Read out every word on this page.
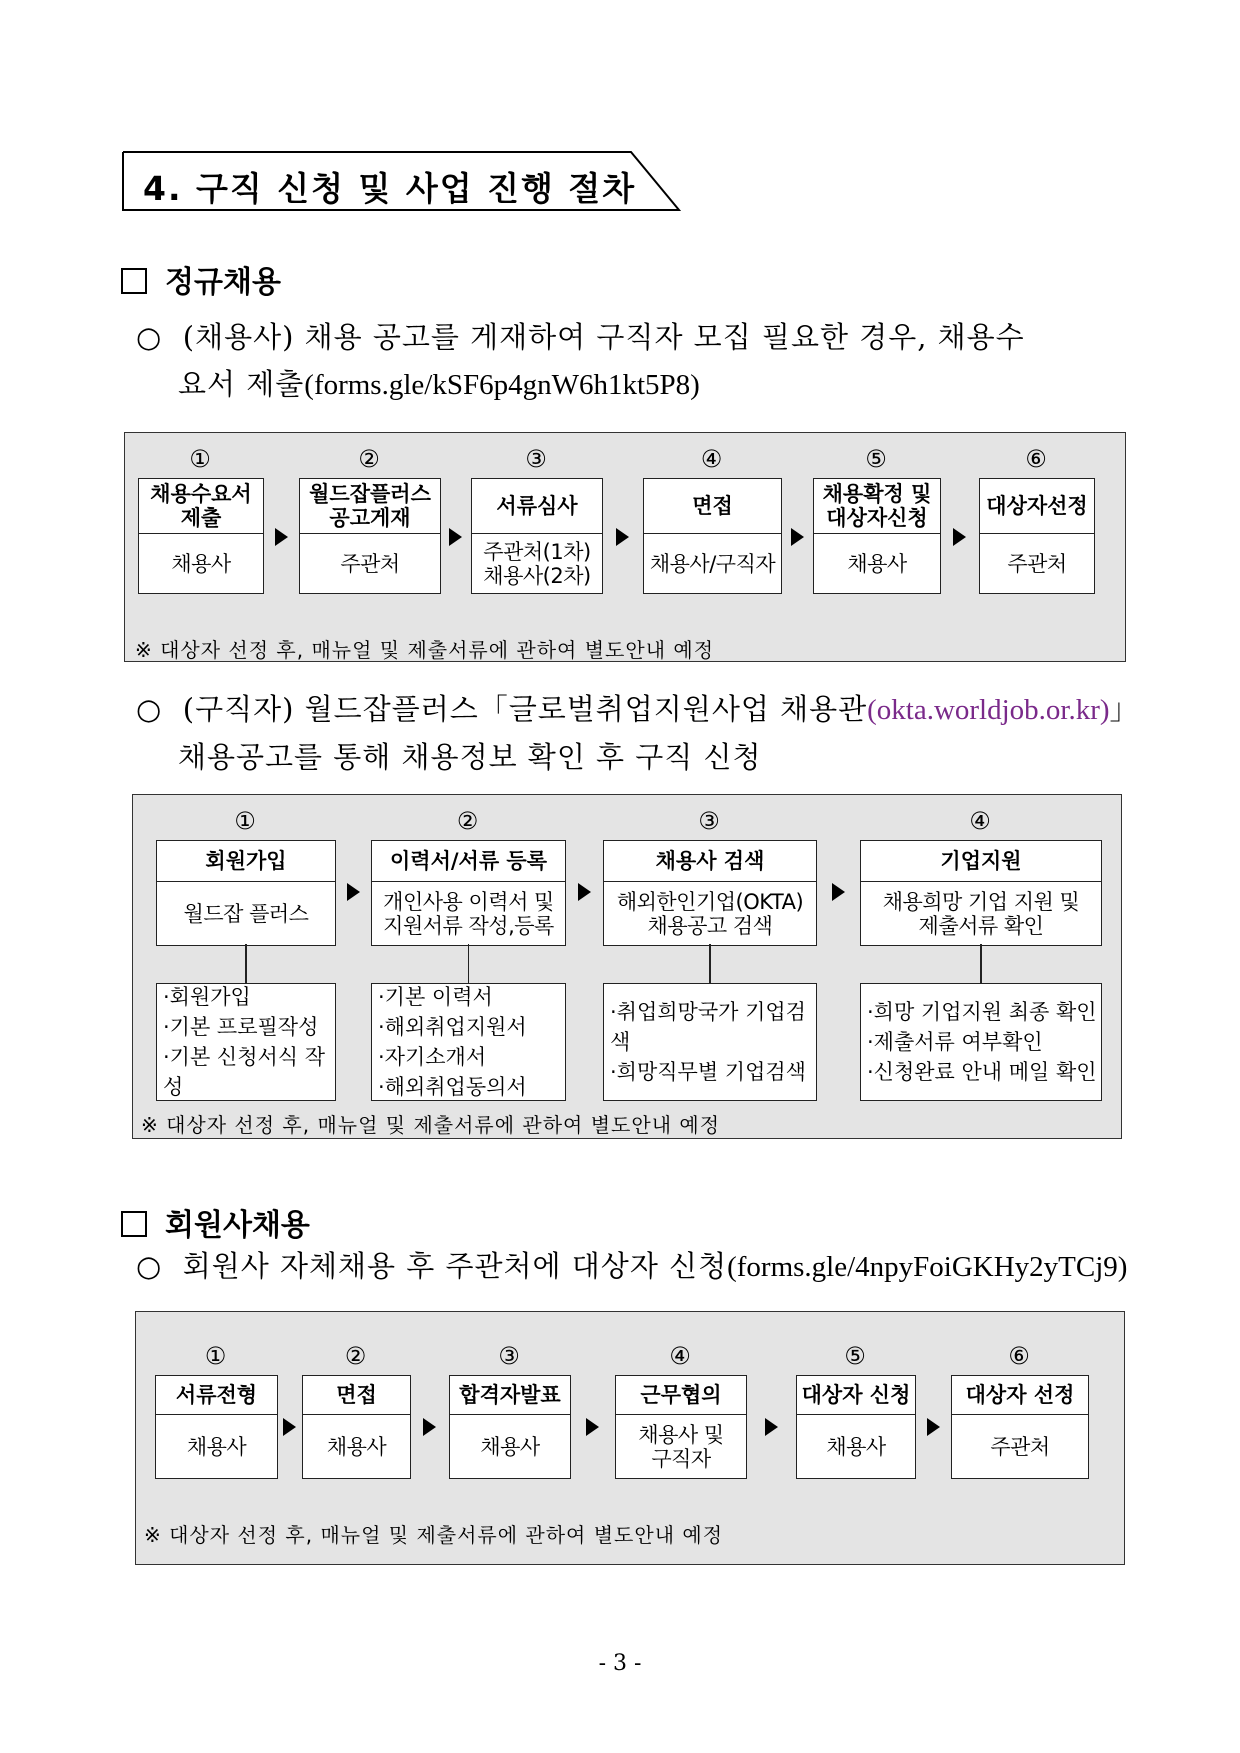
4. 구직 신청 및 사업 진행 절차
정규채용
○ (채용사) 채용 공고를 게재하여 구직자 모집 필요한 경우, 채용수
요서 제출(forms.gle/kSF6p4gnW6h1kt5P8)
①
채용수요서
제출
채용사
②
월드잡플러스
공고게재
주관처
③
서류심사
주관처(1차)
채용사(2차)
④
면접
채용사/구직자
⑤
채용확정 및
대상자신청
채용사
⑥
대상자선정
주관처
※ 대상자 선정 후, 매뉴얼 및 제출서류에 관하여 별도안내 예정
○ (구직자) 월드잡플러스「글로벌취업지원사업 채용관(okta.worldjob.or.kr)」
채용공고를 통해 채용정보 확인 후 구직 신청
①
회원가입
월드잡 플러스
·회원가입
·기본 프로필작성
·기본 신청서식 작성
②
이력서/서류 등록
개인사용 이력서 및
지원서류 작성,등록
·기본 이력서
·해외취업지원서
·자기소개서
·해외취업동의서
③
채용사 검색
해외한인기업(OKTA)
채용공고 검색
·취업희망국가 기업검색
·희망직무별 기업검색
④
기업지원
채용희망 기업 지원 및
제출서류 확인
·희망 기업지원 최종 확인
·제출서류 여부확인
·신청완료 안내 메일 확인
※ 대상자 선정 후, 매뉴얼 및 제출서류에 관하여 별도안내 예정
회원사채용
○ 회원사 자체채용 후 주관처에 대상자 신청(forms.gle/4npyFoiGKHy2yTCj9)
①
서류전형
채용사
②
면접
채용사
③
합격자발표
채용사
④
근무협의
채용사 및
구직자
⑤
대상자 신청
채용사
⑥
대상자 선정
주관처
※ 대상자 선정 후, 매뉴얼 및 제출서류에 관하여 별도안내 예정
- 3 -
